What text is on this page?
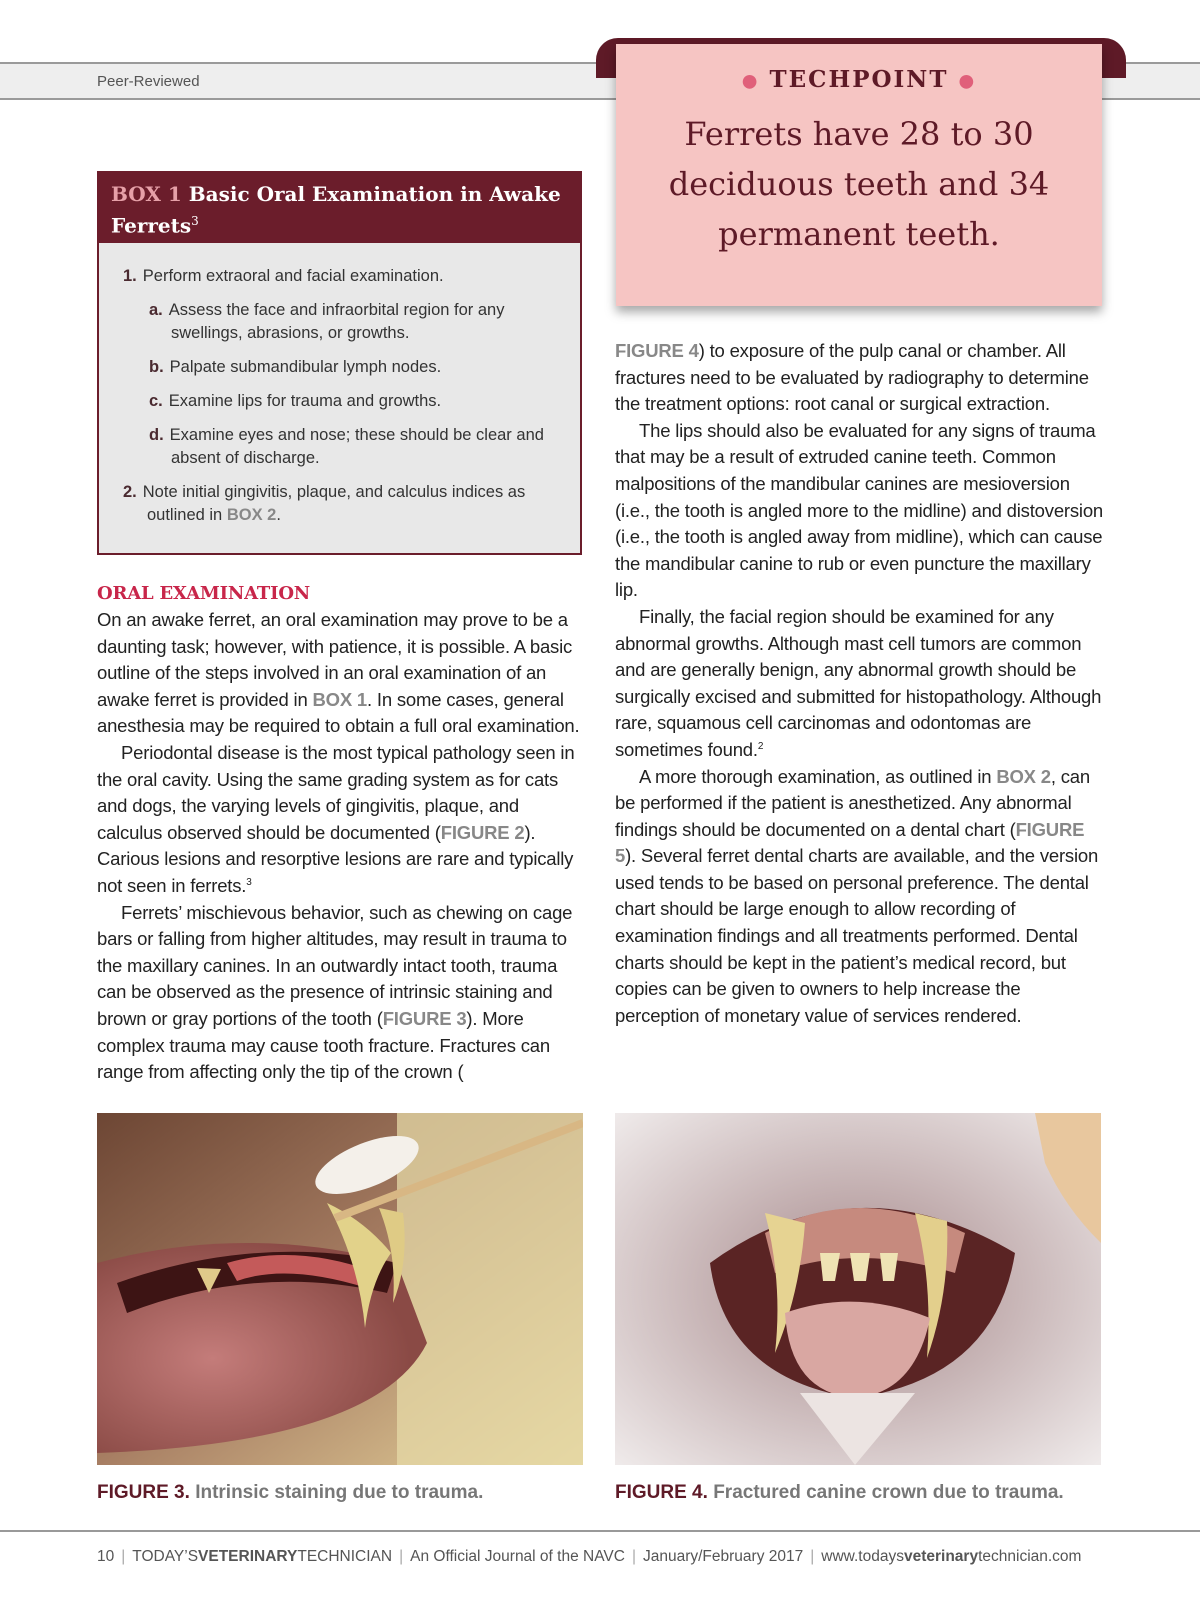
Peer-Reviewed	● TECHPOINT ●
Ferrets have 28 to 30 deciduous teeth and 34 permanent teeth.
BOX 1 Basic Oral Examination in Awake Ferrets$^3$
1. Perform extraoral and facial examination.
a. Assess the face and infraorbital region for any swellings, abrasions, or growths.
b. Palpate submandibular lymph nodes.
c. Examine lips for trauma and growths.
d. Examine eyes and nose; these should be clear and absent of discharge.
2. Note initial gingivitis, plaque, and calculus indices as outlined in BOX 2.
ORAL EXAMINATION

On an awake ferret, an oral examination may prove to be a daunting task; however, with patience, it is possible. A basic outline of the steps involved in an oral examination of an awake ferret is provided in BOX 1. In some cases, general anesthesia may be required to obtain a full oral examination.

Periodontal disease is the most typical pathology seen in the oral cavity. Using the same grading system as for cats and dogs, the varying levels of gingivitis, plaque, and calculus observed should be documented (FIGURE 2). Carious lesions and resorptive lesions are rare and typically not seen in ferrets.$^3$

Ferrets’ mischievous behavior, such as chewing on cage bars or falling from higher altitudes, may result in trauma to the maxillary canines. In an outwardly intact tooth, trauma can be observed as the presence of intrinsic staining and brown or gray portions of the tooth (FIGURE 3). More complex trauma may cause tooth fracture. Fractures can range from affecting only the tip of the crown (

FIGURE 4) to exposure of the pulp canal or chamber. All fractures need to be evaluated by radiography to determine the treatment options: root canal or surgical extraction.

The lips should also be evaluated for any signs of trauma that may be a result of extruded canine teeth. Common malpositions of the mandibular canines are mesioversion (i.e., the tooth is angled more to the midline) and distoversion (i.e., the tooth is angled away from midline), which can cause the mandibular canine to rub or even puncture the maxillary lip.

Finally, the facial region should be examined for any abnormal growths. Although mast cell tumors are common and are generally benign, any abnormal growth should be surgically excised and submitted for histopathology. Although rare, squamous cell carcinomas and odontomas are sometimes found.$^2$

A more thorough examination, as outlined in BOX 2, can be performed if the patient is anesthetized. Any abnormal findings should be documented on a dental chart (FIGURE 5). Several ferret dental charts are available, and the version used tends to be based on personal preference. The dental chart should be large enough to allow recording of examination findings and all treatments performed. Dental charts should be kept in the patient’s medical record, but copies can be given to owners to help increase the perception of monetary value of services rendered.

FIGURE 3. Intrinsic staining due to trauma.	FIGURE 4. Fractured canine crown due to trauma.
10 | TODAY’SVETERINARYTECHNICIAN | An Official Journal of the NAVC | January/February 2017 | www.todaysveterinarytechnician.com
